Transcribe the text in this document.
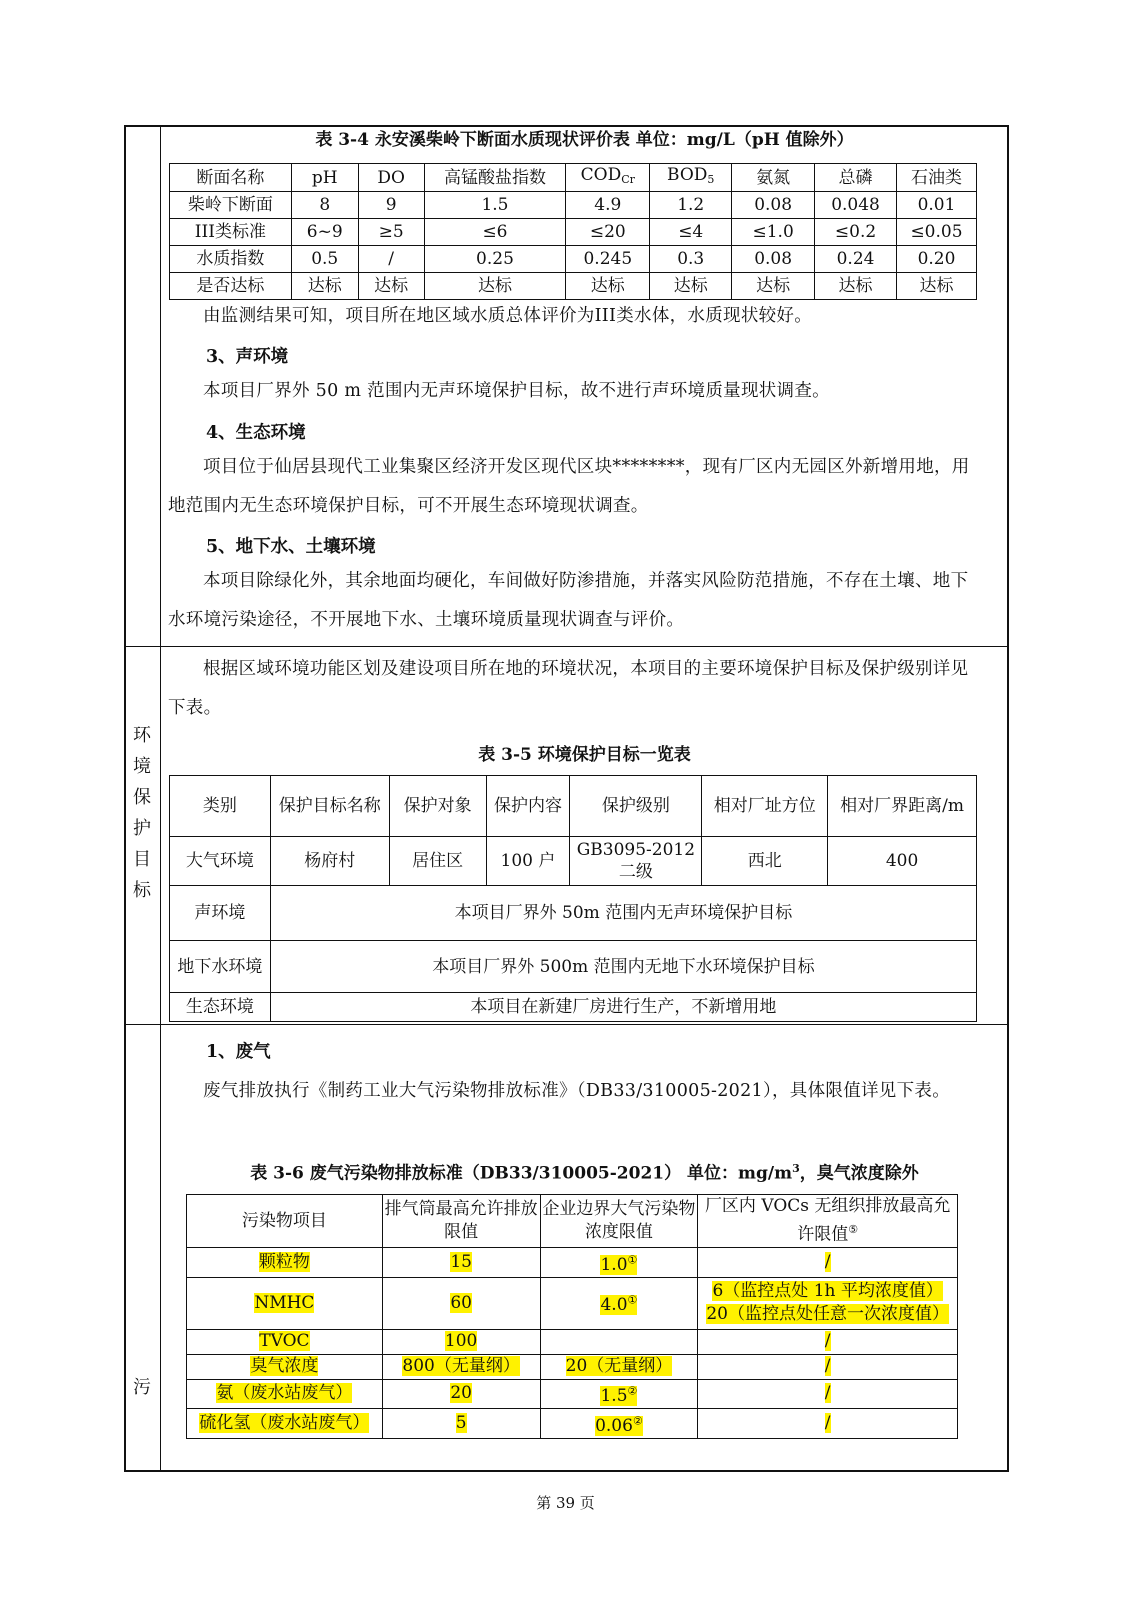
表 3-4 永安溪柴岭下断面水质现状评价表 单位：mg/L（pH 值除外）
断面名称	pH	DO	高锰酸盐指数	$COD_{Cr}$	$BOD_5$	氨氮	总磷	石油类
柴岭下断面	8	9	1.5	4.9	1.2	0.08	0.048	0.01
III类标准	6~9	≥5	≤6	≤20	≤4	≤1.0	≤0.2	≤0.05
水质指数	0.5	/	0.25	0.245	0.3	0.08	0.24	0.20
是否达标	达标	达标	达标	达标	达标	达标	达标	达标
由监测结果可知，项目所在地区域水质总体评价为III类水体，水质现状较好。
3、声环境
本项目厂界外 50 m 范围内无声环境保护目标，故不进行声环境质量现状调查。
4、生态环境
项目位于仙居县现代工业集聚区经济开发区现代区块********，现有厂区内无园区外新增用地，用地范围内无生态环境保护目标，可不开展生态环境现状调查。
5、地下水、土壤环境
本项目除绿化外，其余地面均硬化，车间做好防渗措施，并落实风险防范措施，不存在土壤、地下水环境污染途径，不开展地下水、土壤环境质量现状调查与评价。
环
境
保
护
目
标
根据区域环境功能区划及建设项目所在地的环境状况，本项目的主要环境保护目标及保护级别详见下表。
表 3-5 环境保护目标一览表
类别	保护目标名称	保护对象	保护内容	保护级别	相对厂址方位	相对厂界距离/m
大气环境	杨府村	居住区	100 户	GB3095-2012二级	西北	400
声环境	本项目厂界外 50m 范围内无声环境保护目标					
地下水环境	本项目厂界外 500m 范围内无地下水环境保护目标					
生态环境	本项目在新建厂房进行生产，不新增用地					
污
1、废气
废气排放执行《制药工业大气污染物排放标准》（DB33/310005-2021），具体限值详见下表。
表 3-6 废气污染物排放标准（DB33/310005-2021） 单位：$mg/m^3$，臭气浓度除外
污染物项目	排气筒最高允许排放限值	企业边界大气污染物浓度限值	厂区内 VOCs 无组织排放最高允许限值⑤
颗粒物	15	1.0①	/
NMHC	60	4.0①	6（监控点处 1h 平均浓度值）
20（监控点处任意一次浓度值）

TVOC	100		/
臭气浓度	800（无量纲）	20（无量纲）	/
氨（废水站废气）	20	1.5②	/
硫化氢（废水站废气）	5	0.06②	/
第 39 页
